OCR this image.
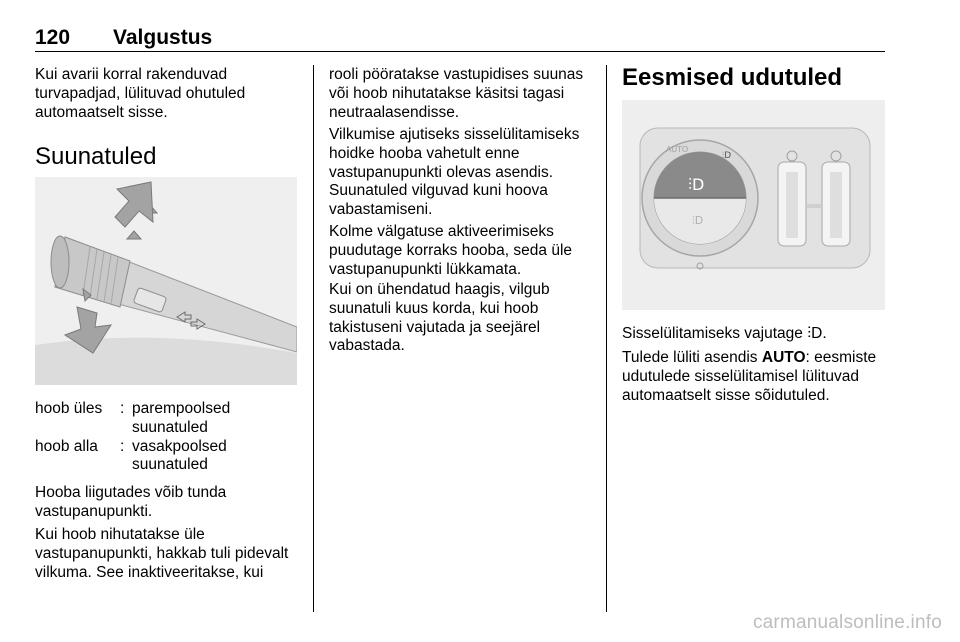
120 Valgustus

Kui avarii korral rakenduvad turvapadjad, lülituvad ohutuled automaatselt sisse.

Suunatuled
hoob üles	: parempoolsed suunatuled
hoob alla	: vasakpoolsed suunatuled

Hooba liigutades võib tunda vastupanupunkti.

Kui hoob nihutatakse üle vastupanupunkti, hakkab tuli pidevalt vilkuma. See inaktiveeritakse, kui

rooli pööratakse vastupidises suunas või hoob nihutatakse käsitsi tagasi neutraalasendisse.

Vilkumise ajutiseks sisselülitamiseks hoidke hooba vahetult enne vastupanupunkti olevas asendis. Suunatuled vilguvad kuni hoova vabastamiseni.

Kolme välgatuse aktiveerimiseks puudutage korraks hooba, seda üle vastupanupunkti lükkamata.

Kui on ühendatud haagis, vilgub suunatuli kuus korda, kui hoob takistuseni vajutada ja seejärel vabastada.

Eesmised udutuled
⫶D
⫶D
AUTO
⫶D

Sisselülitamiseks vajutage ⫶D.

Tulede lüliti asendis AUTO: eesmiste udutulede sisselülitamisel lülituvad automaatselt sisse sõidutuled.

carmanualsonline.info
